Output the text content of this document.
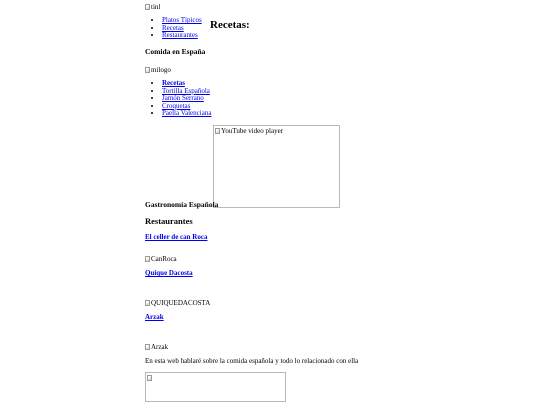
tinl
• Platos Típicos
• Recetas
• Restaurantes
Recetas:
Comida en España
milogo
• Recetas
• Tortilla Española
• Jamón Serrano
• Croquetas
• Paella Valenciana
YouTube video player
Gastronomía Española
Restaurantes
El celler de can Roca
CanRoca
Quique Dacosta
QUIQUEDACOSTA
Arzak
Arzak
En esta web hablaré sobre la comida española y todo lo relacionado con ella
